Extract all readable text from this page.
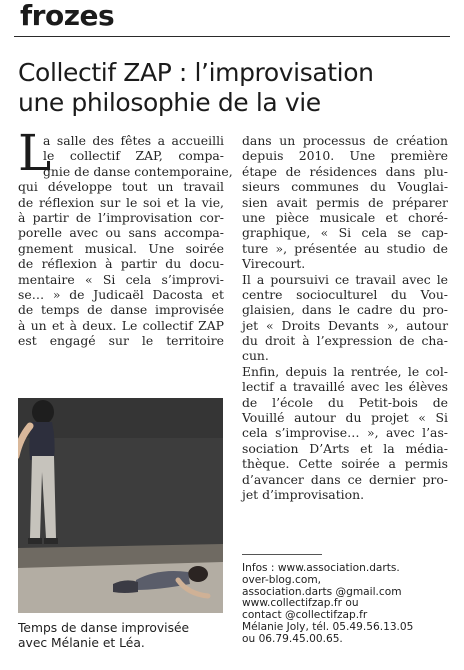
frozes
Collectif ZAP : l’improvisation
une philosophie de la vie
L
a salle des fêtes a accueilli
le collectif ZAP, compa-
gnie de danse contemporaine,
qui développe tout un travail
de réflexion sur le soi et la vie,
à partir de l’improvisation cor-
porelle avec ou sans accompa-
gnement musical. Une soirée
de réflexion à partir du docu-
mentaire « Si cela s’improvi-
se… » de Judicaël Dacosta et
de temps de danse improvisée
à un et à deux. Le collectif ZAP
est engagé sur le territoire
dans un processus de création
depuis 2010. Une première
étape de résidences dans plu-
sieurs communes du Vouglai-
sien avait permis de préparer
une pièce musicale et choré-
graphique, « Si cela se cap-
ture », présentée au studio de
Virecourt.
Il a poursuivi ce travail avec le
centre socioculturel du Vou-
glaisien, dans le cadre du pro-
jet « Droits Devants », autour
du droit à l’expression de cha-
cun.
Enfin, depuis la rentrée, le col-
lectif a travaillé avec les élèves
de l’école du Petit-bois de
Vouillé autour du projet « Si
cela s’improvise… », avec l’as-
sociation D’Arts et la média-
thèque. Cette soirée a permis
d’avancer dans ce dernier pro-
jet d’improvisation.
Temps de danse improvisée
avec Mélanie et Léa.
Infos : www.association.darts.
over-blog.com,
association.darts @gmail.com
www.collectifzap.fr ou
contact @collectifzap.fr
Mélanie Joly, tél. 05.49.56.13.05
ou 06.79.45.00.65.
